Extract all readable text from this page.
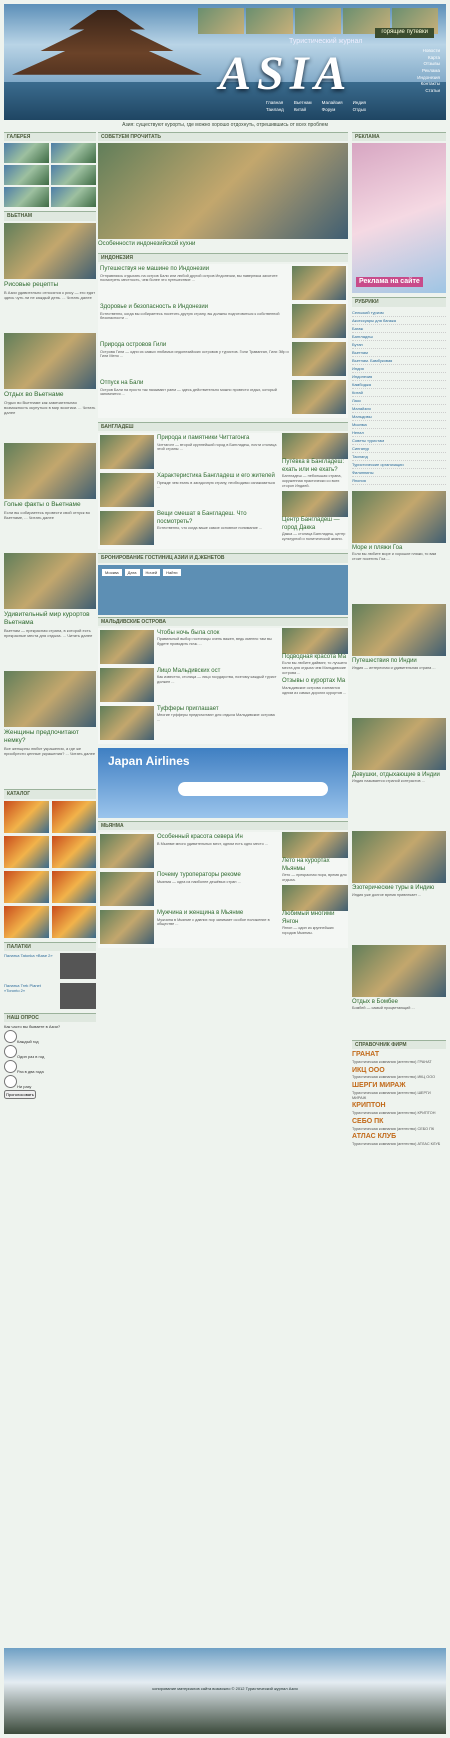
горящие путевки
Туристический журнал
ASIA	Новости
Карта
Отзывы
Реклама
Индонезия
Контакты
Статьи
Главная Вьетнам Малайзия Индия
Таиланд Китай	Форум	Отдых
Азия: существуют курорты, где можно хорошо отдохнуть, отрешившись от всех проблем
ГАЛЕРЕЯ
ВЬЕТНАМ
Рисовые рецепты
В Азии удивительно относятся к рису — его едят здесь чуть ли не каждый день. ... Читать далее
Отдых во Вьетнаме
Отдых во Вьетнаме как замечательная возможность окунуться в мир экзотики. ... Читать далее
Голые факты о Вьетнаме
Если вы собираетесь провести свой отпуск во Вьетнаме, ... Читать далее
Удивительный мир курортов Вьетнама
Вьетнам — прекрасная страна, в которой есть прекрасные места для отдыха. ... Читать далее
Женщины предпочитают немку?
Все женщины любят украшения, а где же приобрести ценные украшения? ... Читать далее
КАТАЛОГ
ПАЛАТКИ
Палатка Tatonka «Base 2»
Палатка Trek Planet «Toronto 2»
НАШ ОПРОС
Как часто вы бываете в Азии?
Каждый год
Один раз в год
Раз в два года
Ни разу
Проголосовать
СОВЕТУЕМ ПРОЧИТАТЬ
Особенности индонезийской кухни
ИНДОНЕЗИЯ
Путешествуя не машине по Индонезии
Отправляясь отдыхать на остров Бали или любой другой остров Индонезии, вы наверняка захотите посмотреть местность, чем более это путешествие ...
Здоровье и безопасность в Индонезии
Естественно, когда вы собираетесь посетить другую страну, вы должны подготовиться к собственной безопасности ...
Природа островов Гили
Острова Гили — одни из самых любимых индонезийских островов у туристов. Гили Траванган, Гили Эйр и Гили Мено ...
Отпуск на Бали
Остров Бали на просто так называют раем — здесь действительно можно провести отдых, который запомнится ...
БАНГЛАДЕШ
Природа и памятники Читтагонга
Читтагонг — второй крупнейший город в Бангладеш, почти столица этой страны ...
Характеристика Бангладеш и его жителей
Прежде чем ехать в загадочную страну, необходимо ознакомиться ...
Вещи смешат в Бангладеш. Что посмотреть?
Естественно, что когда ваше самое основное понимание ...
Путёвка в Бангладеш: ехать или не ехать?
Бангладеш — небольшая страна, окруженная практически со всех сторон Индией.
Центр Бангладеш — город Дакка
Дакка — столица Бангладеш, центр культурной и политической жизни.
БРОНИРОВАНИЕ ГОСТИНИЦ АЗИИ И Д.ЖЕНЕТОВ
Москва	Дата	Ночей	Найти
МАЛЬДИВСКИЕ ОСТРОВА
Чтобы ночь была спок
Правильный выбор гостиницы очень важен, ведь именно там вы будете проводить ночь ...
Лицо Мальдивских ост
Как известно, столица — лицо государства, поэтому каждый турист должен ...
Туфферы приглашает
Многие туфферы предпочитают для отдыха Мальдивские острова ...
Подводная красота Ма
Если вы любите дайвинг, то лучшего места для отдыха чем Мальдивские острова ...
Отзывы о курортах Ма
Мальдивские острова считаются одним из самых дорогих курортов ...
Japan Airlines
МЬЯНМА
Особенный красота севера Ин
В Мьянме много удивительных мест, одним есть одно место ...
Почему туроператоры рекоме
Мьянма — одна из наиболее дешёвых стран ...
Мужчина и женщина в Мьянме
Мужчина в Мьянме с давних пор занимает особое положение в обществе ...
Лето на курортах Мьянмы
Лето — прекрасная пора, время для отдыха.
Любимый многими Янгон
Янгон — один из крупнейших городов Мьянмы.
РЕКЛАМА
Реклама на сайте
РУБРИКИ
Сельский туризм
Аксессуары для багажа
Багаж
Бангладеш
Бутан
Вьетнам
Вьетнам. Бамбуковая
Индия
Индонезия
Камбоджа
Китай
Лаос
Малайзия
Мальдивы
Мьянма
Непал
Советы туристам
Сингапур
Таиланд
Туристические организации
Филиппины
Япония
Море и пляжи Гоа
Если вы любите море и хорошие пляжи, то вам стоит посетить Гоа ...
Путешествия по Индии
Индия — интересная и удивительная страна ...
Девушки, отдыхающие в Индии
Индия называется страной контрастов ...
Эзотерические туры в Индию
Индия уже долгое время привлекает ...
Отдых в Бомбее
Бомбей — самый процветающий ...
СПРАВОЧНИК ФИРМ
ГРАНАТ
Туристическая компания (агентство) ГРАНАТ
ИКЦ ООО
Туристическая компания (агентство) ИКЦ ООО
ШЕРГИ МИРАЖ
Туристическая компания (агентство) ШЕРГИ МИРАЖ
КРИПТОН
Туристическая компания (агентство) КРИПТОН
СЕБО ПК
Туристическая компания (агентство) СЕБО ПК
АТЛАС КЛУБ
Туристическая компания (агентство) АТЛАС КЛУБ
копирование материалов сайта возможно © 2012 Туристический журнал Азия
